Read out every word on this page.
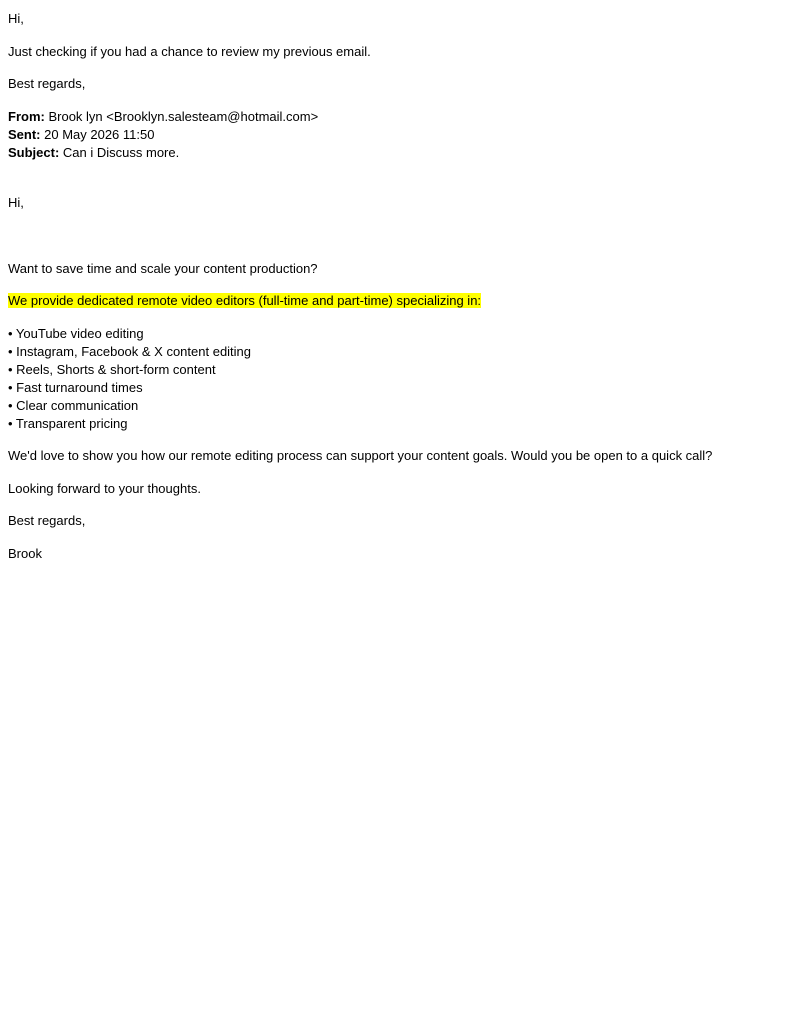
Hi,
Just checking if you had a chance to review my previous email.
Best regards,
From: Brook lyn <Brooklyn.salesteam@hotmail.com>
Sent: 20 May 2026 11:50
Subject: Can i Discuss more.
Hi,
Want to save time and scale your content production?
We provide dedicated remote video editors (full-time and part-time) specializing in:
• YouTube video editing
• Instagram, Facebook & X content editing
• Reels, Shorts & short-form content
• Fast turnaround times
• Clear communication
• Transparent pricing
We'd love to show you how our remote editing process can support your content goals. Would you be open to a quick call?
Looking forward to your thoughts.
Best regards,
Brook
